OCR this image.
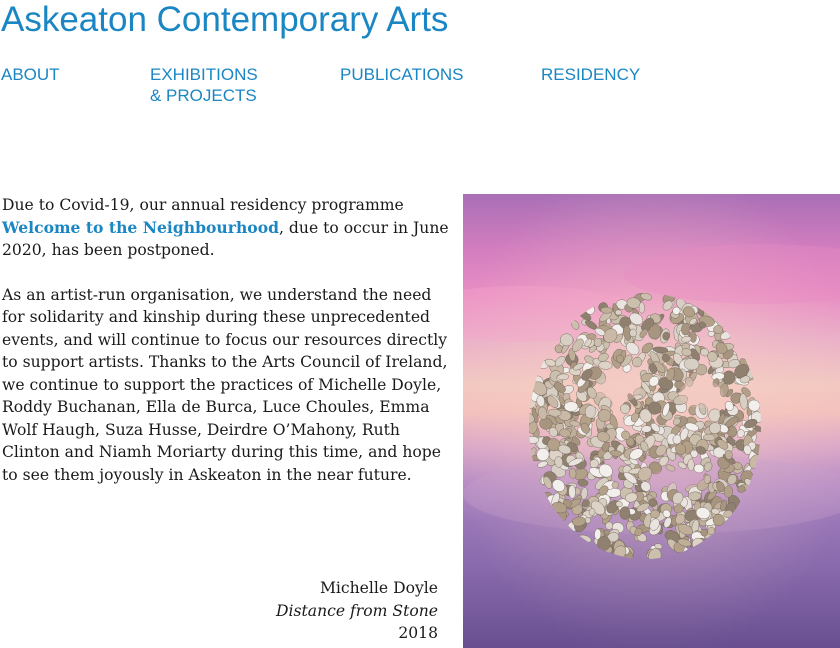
Askeaton Contemporary Arts
ABOUT	EXHIBITIONS
& PROJECTS
PUBLICATIONS	RESIDENCY

Due to Covid-19, our annual residency programme Welcome to the Neighbourhood, due to occur in June 2020, has been postponed.

As an artist-run organisation, we understand the need for solidarity and kinship during these unprecedented events, and will continue to focus our resources directly to support artists. Thanks to the Arts Council of Ireland, we continue to support the practices of Michelle Doyle, Roddy Buchanan, Ella de Burca, Luce Choules, Emma Wolf Haugh, Suza Husse, Deirdre O’Mahony, Ruth Clinton and Niamh Moriarty during this time, and hope to see them joyously in Askeaton in the near future.

Michelle Doyle
Distance from Stone
2018
